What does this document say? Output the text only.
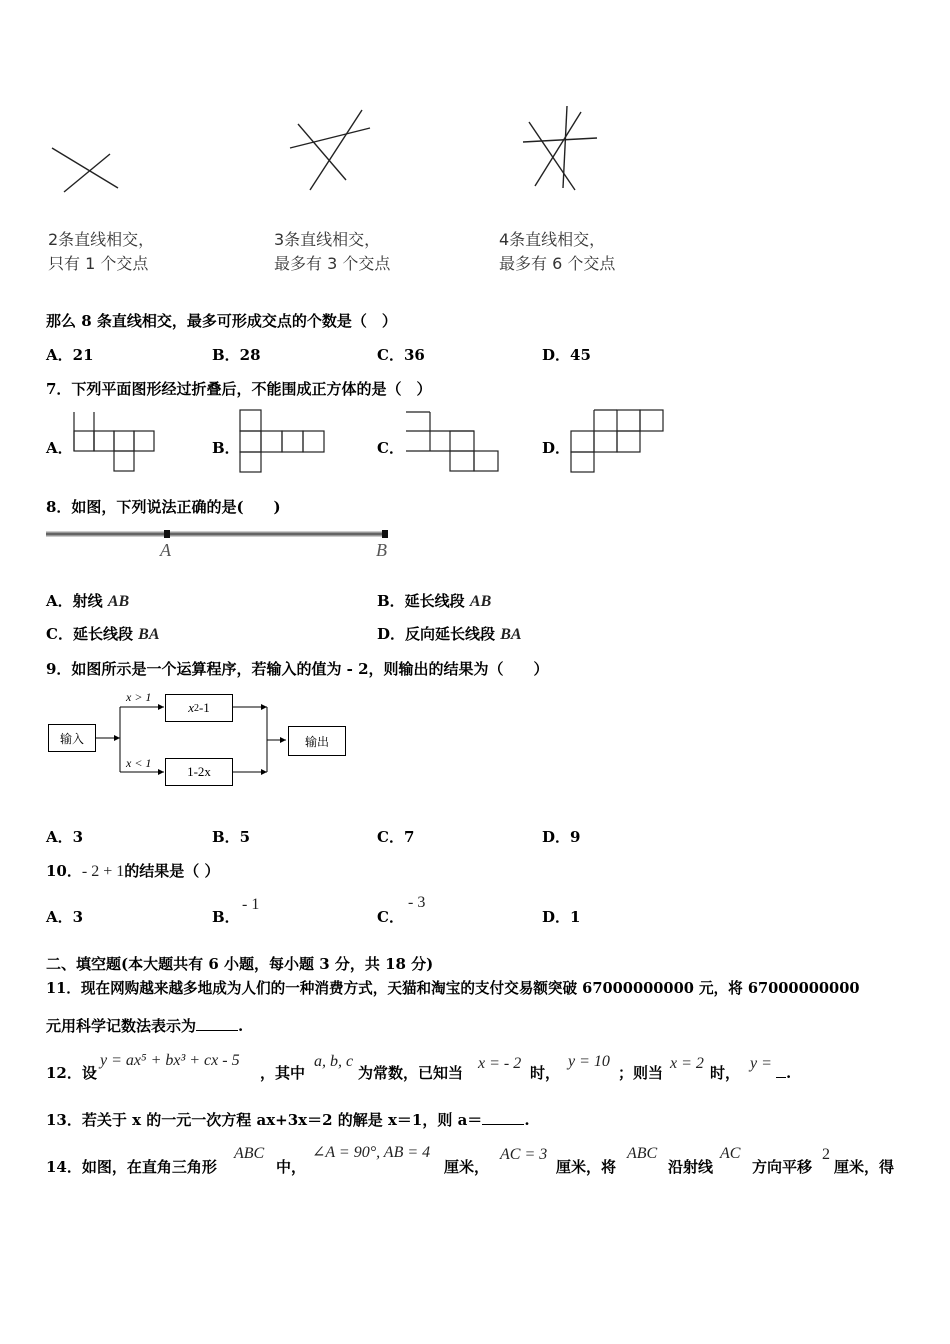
2条直线相交，
只有 1 个交点
3条直线相交，
最多有 3 个交点
4条直线相交，
最多有 6 个交点
那么 8 条直线相交，最多可形成交点的个数是（　）
A．21	B．28	C．36	D．45
7．下列平面图形经过折叠后，不能围成正方体的是（　）
A．	B．	C．	D．
8．如图，下列说法正确的是(　　)
A	B
A．射线 AB	B．延长线段 AB
C．延长线段 BA	D．反向延长线段 BA
9．如图所示是一个运算程序，若输入的值为 - 2，则输出的结果为（　　）
输入
x > 1
x < 1
x 2 -1
1-2x
输出
A．3	B．5	C．7	D．9
10．- 2 + 1的结果是（ ）
A．3	B．
- 1
C．
- 3
D．1
二、填空题(本大题共有 6 小题，每小题 3 分，共 18 分)
11．现在网购越来越多地成为人们的一种消费方式，天猫和淘宝的支付交易额突破 67000000000 元，将 67000000000
元用科学记数法表示为	.
12．设
y = ax⁵ + bx³ + cx - 5
，其中
a, b, c
为常数，已知当
x = - 2
时，
y = 10
；则当
x = 2
时，
y =
.
13．若关于 x 的一元一次方程 ax+3x＝2 的解是 x＝1，则 a＝	.
14．如图，在直角三角形
ABC
中，
∠A = 90°, AB = 4
厘米，
AC = 3
厘米，将
ABC
沿射线
AC
方向平移
2
厘米，得
